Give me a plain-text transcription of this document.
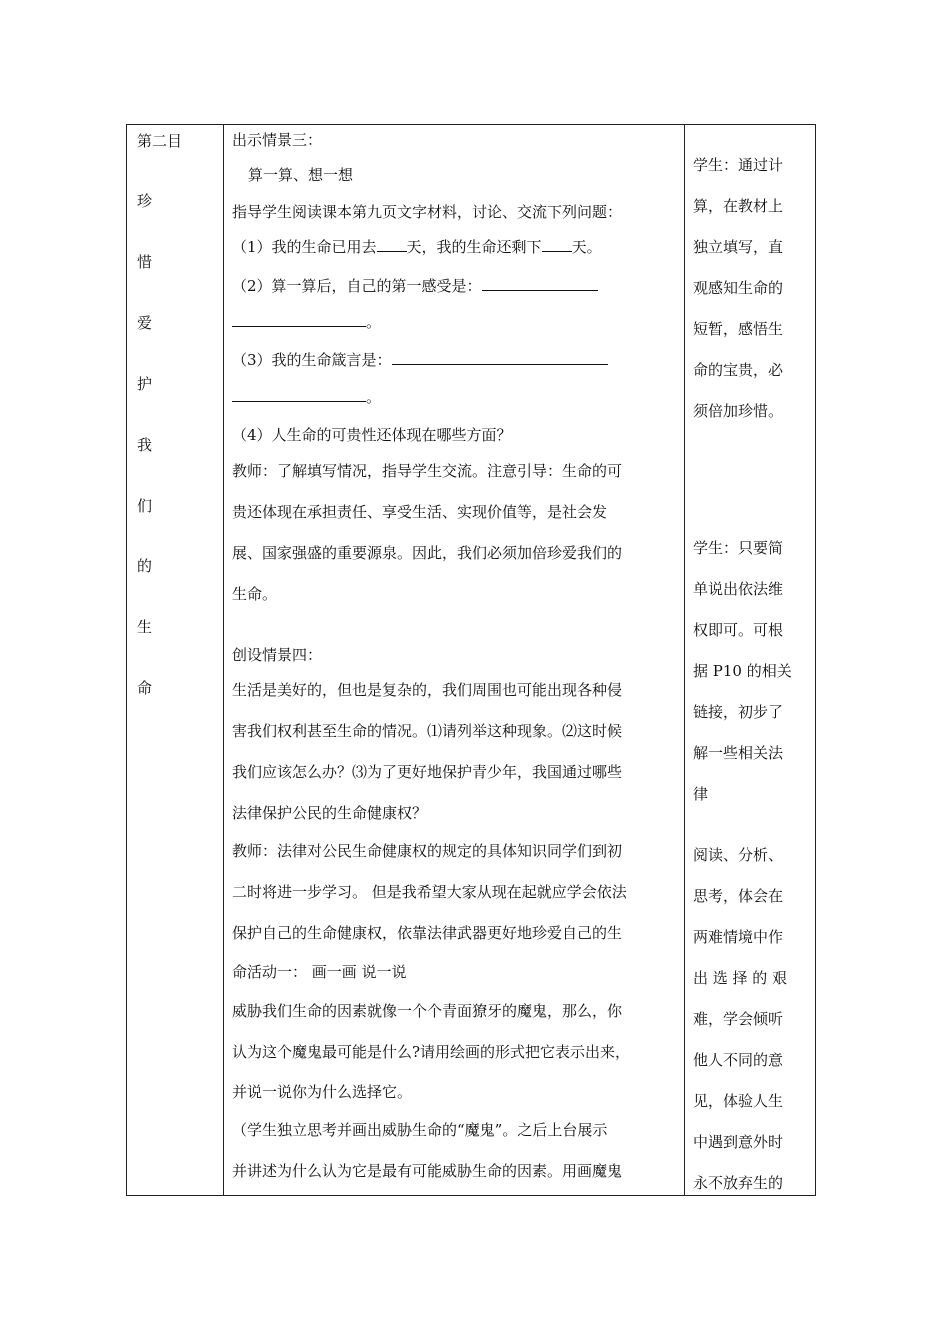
第二目
珍
惜
爱
护
我
们
的
生
命
出示情景三：
算一算、想一想
指导学生阅读课本第九页文字材料，讨论、交流下列问题：
（1）我的生命已用去 天，我的生命还剩下 天。
（2）算一算后，自己的第一感受是：
。
（3）我的生命箴言是：
。
（4）人生命的可贵性还体现在哪些方面？
教师：了解填写情况，指导学生交流。注意引导：生命的可
贵还体现在承担责任、享受生活、实现价值等，是社会发
展、国家强盛的重要源泉。因此，我们必须加倍珍爱我们的
生命。
创设情景四：
生活是美好的，但也是复杂的，我们周围也可能出现各种侵
害我们权利甚至生命的情况。⑴请列举这种现象。⑵这时候
我们应该怎么办？⑶为了更好地保护青少年，我国通过哪些
法律保护公民的生命健康权？
教师：法律对公民生命健康权的规定的具体知识同学们到初
二时将进一步学习。 但是我希望大家从现在起就应学会依法
保护自己的生命健康权，依靠法律武器更好地珍爱自己的生
命活动一： 画一画 说一说
威胁我们生命的因素就像一个个青面獠牙的魔鬼，那么，你
认为这个魔鬼最可能是什么?请用绘画的形式把它表示出来，
并说一说你为什么选择它。
（学生独立思考并画出威胁生命的“魔鬼”。之后上台展示
并讲述为什么认为它是最有可能威胁生命的因素。用画魔鬼
学生：通过计
算，在教材上
独立填写，直
观感知生命的
短暂，感悟生
命的宝贵，必
须倍加珍惜。
学生：只要简
单说出依法维
权即可。可根
据 P10 的相关
链接，初步了
解一些相关法
律
阅读、分析、
思考，体会在
两难情境中作
出 选 择 的 艰
难，学会倾听
他人不同的意
见，体验人生
中遇到意外时
永不放弃生的
